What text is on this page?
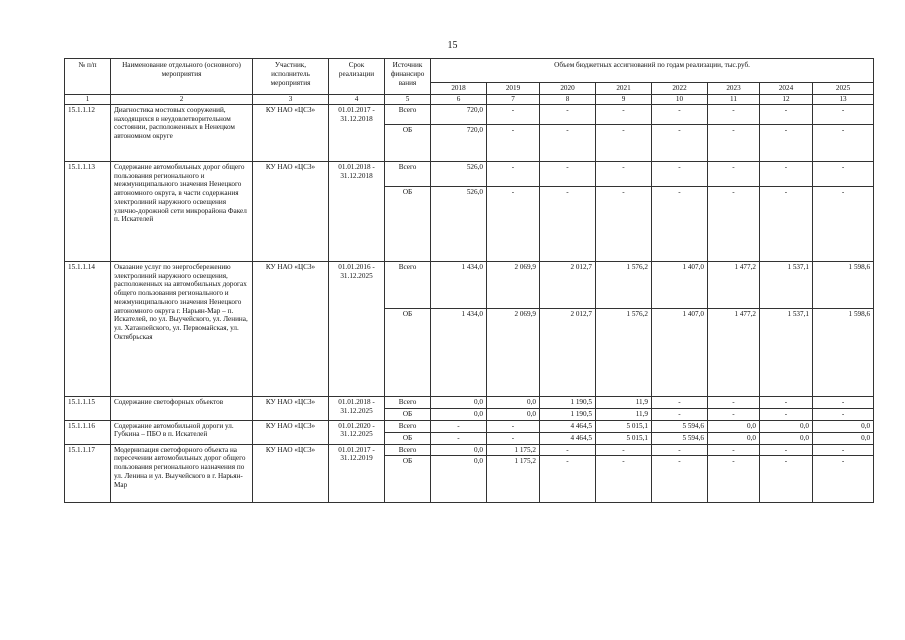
15
№ п/п	Наименование отдельного (основного) мероприятия	Участник, исполнитель мероприятия	Срок реализации	Источник финансиро вания	Объем бюджетных ассигнований по годам реализации, тыс.руб.							
					2018	2019	2020	2021	2022	2023	2024	2025
1	2	3	4	5	6	7	8	9	10	11	12	13
15.1.1.12	Диагностика мостовых сооружений, находящихся в неудовлетворительном состоянии, расположенных в Ненецком автономном округе	КУ НАО «ЦСЗ»	01.01.2017 - 31.12.2018	Всего	720,0	-	-	-	-	-	-	-
				ОБ	720,0	-	-	-	-	-	-	-
15.1.1.13	Содержание автомобильных дорог общего пользования регионального и межмуниципального значения Ненецкого автономного округа, в части содержания электролиний наружного освещения улично-дорожной сети микрорайона Факел п. Искателей	КУ НАО «ЦСЗ»	01.01.2018 - 31.12.2018	Всего	526,0	-	-	-	-	-	-	-
				ОБ	526,0	-	-	-	-	-	-	-
15.1.1.14	Оказание услуг по энергосбережению электролиний наружного освещения, расположенных на автомобильных дорогах общего пользования регионального и межмуниципального значения Ненецкого автономного округа г. Нарьян-Мар – п. Искателей, по ул. Выучейского, ул. Ленина, ул. Хатанзейского, ул. Первомайская, ул. Октябрьская	КУ НАО «ЦСЗ»	01.01.2016 - 31.12.2025	Всего	1 434,0	2 069,9	2 012,7	1 576,2	1 407,0	1 477,2	1 537,1	1 598,6
				ОБ	1 434,0	2 069,9	2 012,7	1 576,2	1 407,0	1 477,2	1 537,1	1 598,6
15.1.1.15	Содержание светофорных объектов	КУ НАО «ЦСЗ»	01.01.2018 - 31.12.2025	Всего	0,0	0,0	1 190,5	11,9	-	-	-	-
				ОБ	0,0	0,0	1 190,5	11,9	-	-	-	-
15.1.1.16	Содержание автомобильной дороги ул. Губкина – ПБО в п. Искателей	КУ НАО «ЦСЗ»	01.01.2020 - 31.12.2025	Всего	-	-	4 464,5	5 015,1	5 594,6	0,0	0,0	0,0
				ОБ	-	-	4 464,5	5 015,1	5 594,6	0,0	0,0	0,0
15.1.1.17	Модернизация светофорного объекта на пересечении автомобильных дорог общего пользования регионального назначения по ул. Ленина и ул. Выучейского в г. Нарьян-Мар	КУ НАО «ЦСЗ»	01.01.2017 - 31.12.2019	Всего	0,0	1 175,2	-	-	-	-	-	-
				ОБ	0,0	1 175,2	-	-	-	-	-	-
